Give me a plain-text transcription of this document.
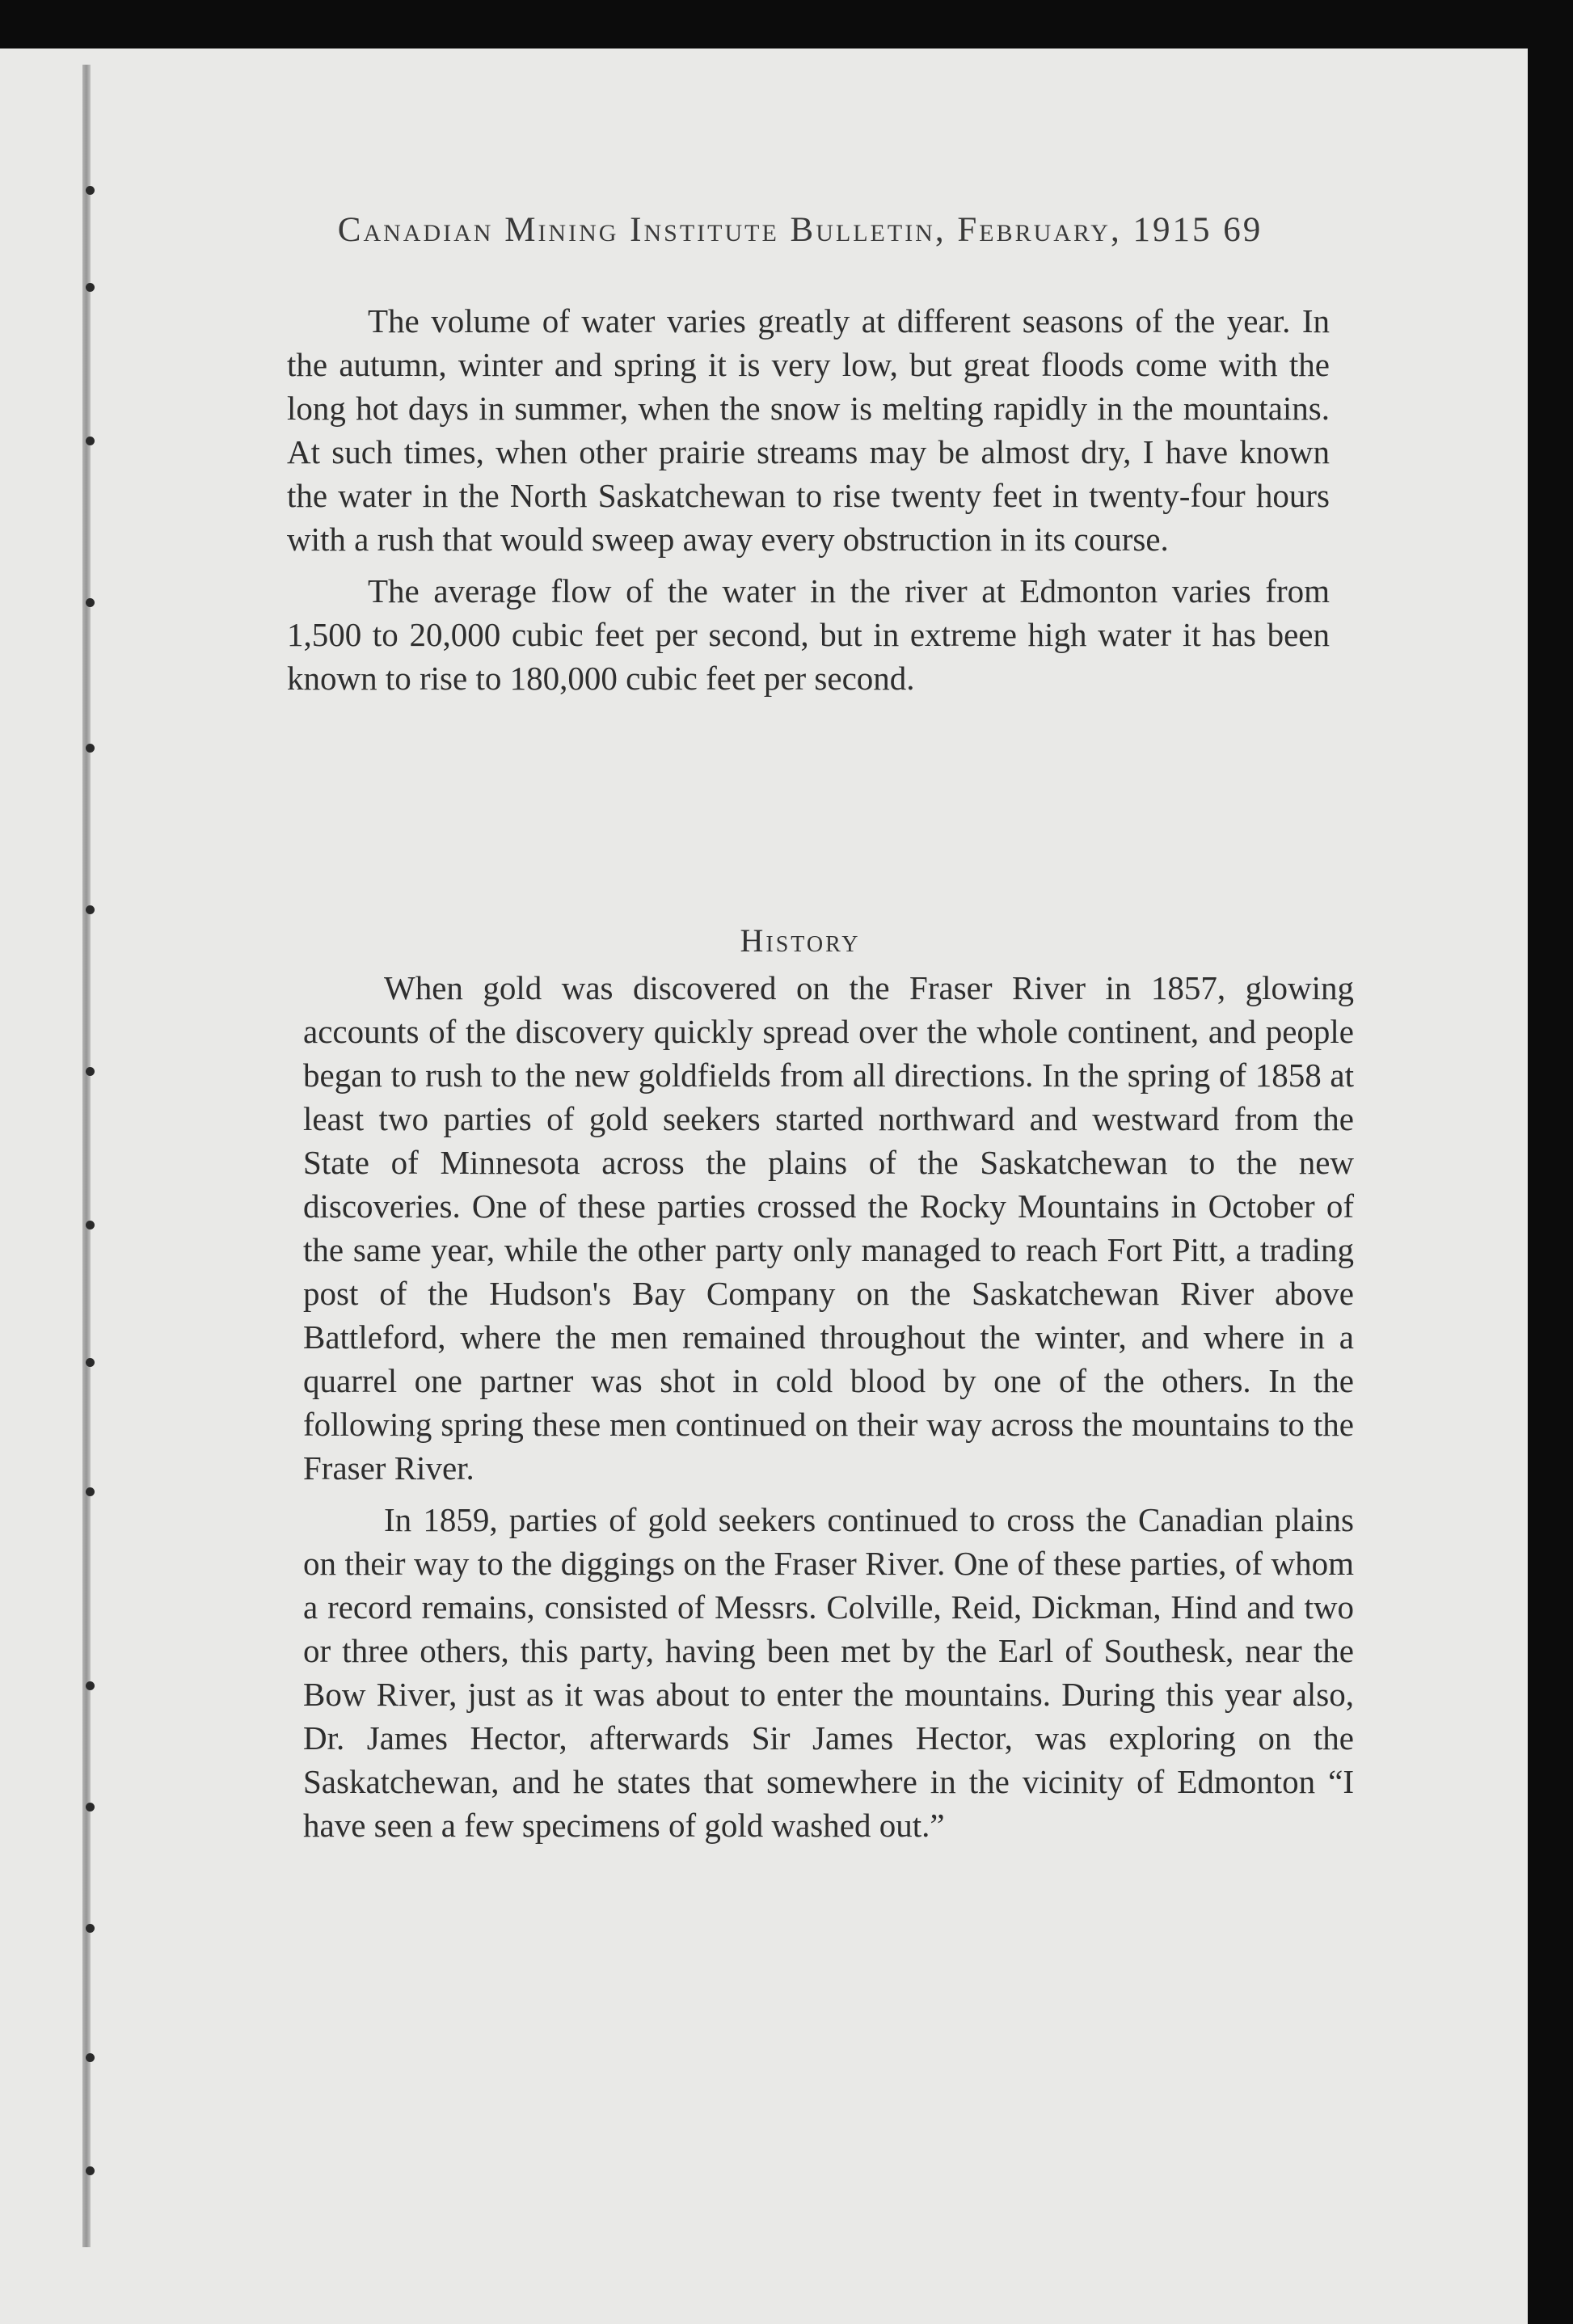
Canadian Mining Institute Bulletin, February, 1915 69

The volume of water varies greatly at different seasons of the year. In the autumn, winter and spring it is very low, but great floods come with the long hot days in summer, when the snow is melting rapidly in the mountains. At such times, when other prairie streams may be almost dry, I have known the water in the North Saskatchewan to rise twenty feet in twenty-four hours with a rush that would sweep away every obstruction in its course.

The average flow of the water in the river at Edmonton varies from 1,500 to 20,000 cubic feet per second, but in extreme high water it has been known to rise to 180,000 cubic feet per second.

History

When gold was discovered on the Fraser River in 1857, glowing accounts of the discovery quickly spread over the whole continent, and people began to rush to the new goldfields from all directions. In the spring of 1858 at least two parties of gold seekers started northward and westward from the State of Minnesota across the plains of the Saskatchewan to the new discoveries. One of these parties crossed the Rocky Mountains in October of the same year, while the other party only managed to reach Fort Pitt, a trading post of the Hudson's Bay Company on the Saskatchewan River above Battleford, where the men remained throughout the winter, and where in a quarrel one partner was shot in cold blood by one of the others. In the following spring these men continued on their way across the mountains to the Fraser River.

In 1859, parties of gold seekers continued to cross the Canadian plains on their way to the diggings on the Fraser River. One of these parties, of whom a record remains, consisted of Messrs. Colville, Reid, Dickman, Hind and two or three others, this party, having been met by the Earl of Southesk, near the Bow River, just as it was about to enter the mountains. During this year also, Dr. James Hector, afterwards Sir James Hector, was exploring on the Saskatchewan, and he states that somewhere in the vicinity of Edmonton “I have seen a few specimens of gold washed out.”
